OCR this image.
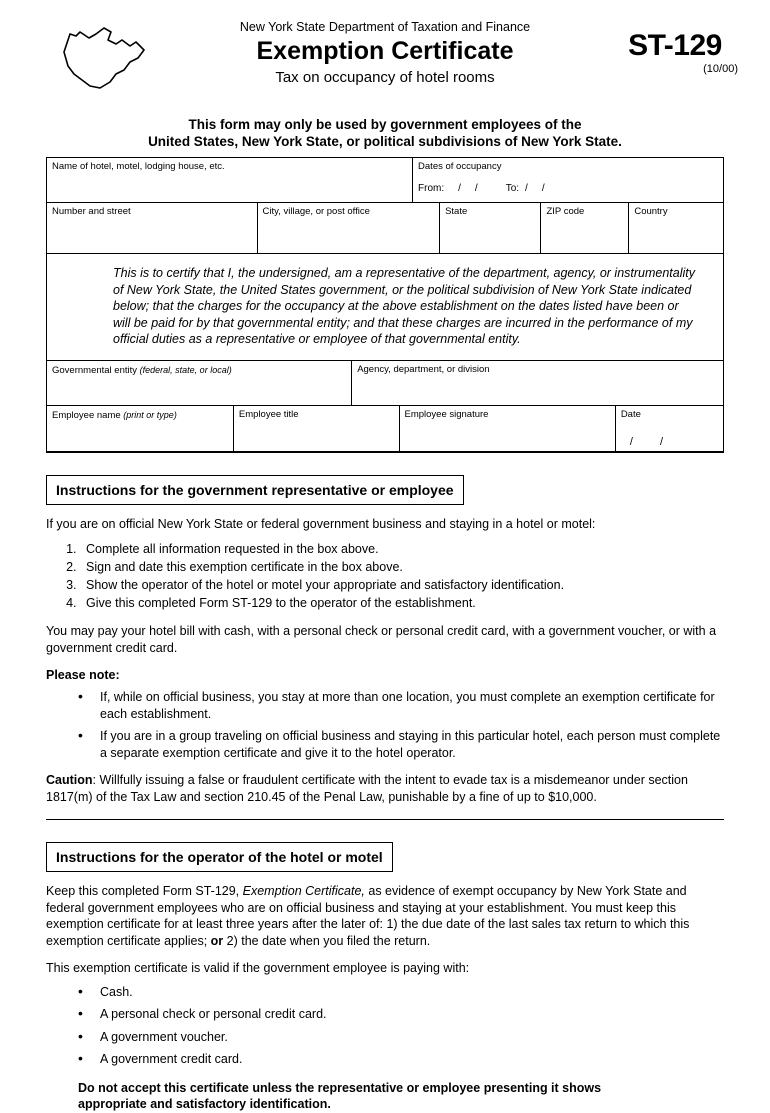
New York State Department of Taxation and Finance
Exemption Certificate
Tax on occupancy of hotel rooms
ST-129
(10/00)
This form may only be used by government employees of the
United States, New York State, or political subdivisions of New York State.
Name of hotel, motel, lodging house, etc.	Dates of occupancy
From:	/	/	To: /	/
Number and street	City, village, or post office	State	ZIP code	Country
This is to certify that I, the undersigned, am a representative of the department, agency, or instrumentality of New York State, the United States government, or the political subdivision of New York State indicated below; that the charges for the occupancy at the above establishment on the dates listed have been or will be paid for by that governmental entity; and that these charges are incurred in the performance of my official duties as a representative or employee of that governmental entity.
Governmental entity (federal, state, or local)	Agency, department, or division
Employee name (print or type)	Employee title	Employee signature	Date
/ /
Instructions for the government representative or employee

If you are on official New York State or federal government business and staying in a hotel or motel:

1. Complete all information requested in the box above.
2. Sign and date this exemption certificate in the box above.
3. Show the operator of the hotel or motel your appropriate and satisfactory identification.
4. Give this completed Form ST-129 to the operator of the establishment.

You may pay your hotel bill with cash, with a personal check or personal credit card, with a government voucher, or with a government credit card.

Please note:
• If, while on official business, you stay at more than one location, you must complete an exemption certificate for each establishment.
• If you are in a group traveling on official business and staying in this particular hotel, each person must complete a separate exemption certificate and give it to the hotel operator.

Caution: Willfully issuing a false or fraudulent certificate with the intent to evade tax is a misdemeanor under section 1817(m) of the Tax Law and section 210.45 of the Penal Law, punishable by a fine of up to $10,000.

Instructions for the operator of the hotel or motel

Keep this completed Form ST-129, Exemption Certificate, as evidence of exempt occupancy by New York State and federal government employees who are on official business and staying at your establishment. You must keep this exemption certificate for at least three years after the later of: 1) the due date of the last sales tax return to which this exemption certificate applies; or 2) the date when you filed the return.

This exemption certificate is valid if the government employee is paying with:

• Cash.
• A personal check or personal credit card.
• A government voucher.
• A government credit card.
Do not accept this certificate unless the representative or employee presenting it shows
appropriate and satisfactory identification.
